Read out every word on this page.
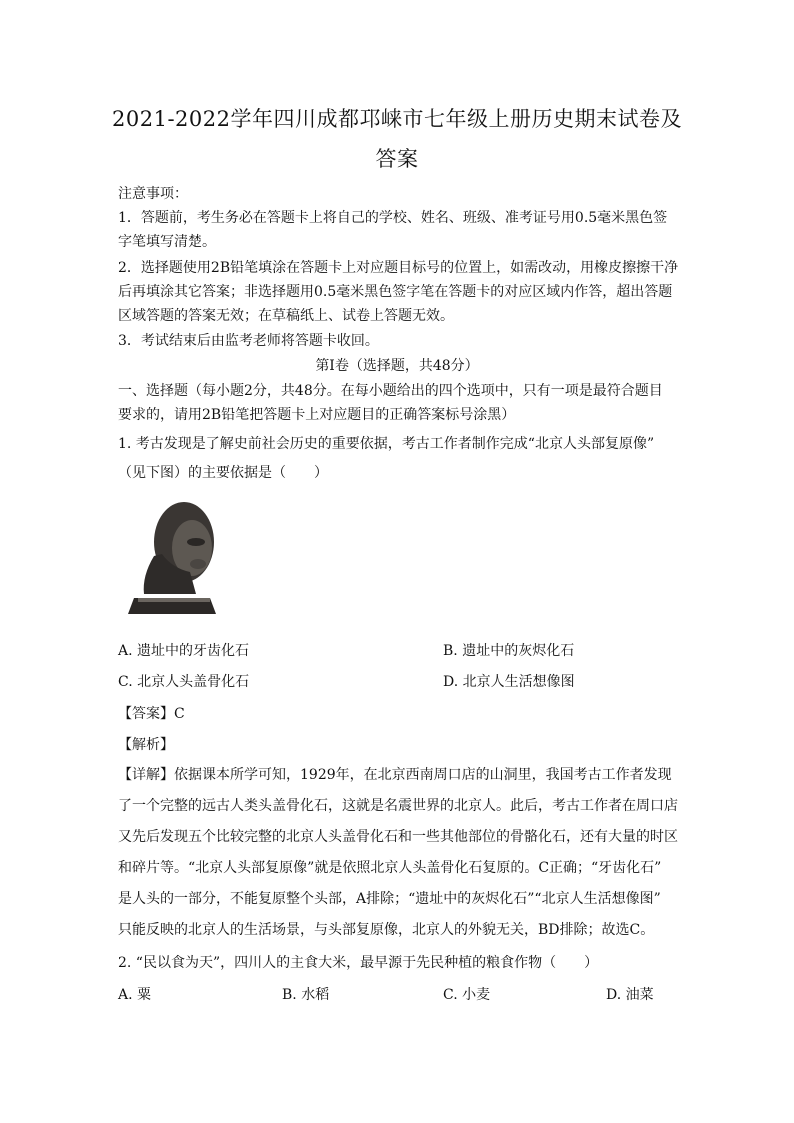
2021-2022学年四川成都邛崃市七年级上册历史期末试卷及
答案
注意事项：
1．答题前，考生务必在答题卡上将自己的学校、姓名、班级、准考证号用0.5毫米黑色签
字笔填写清楚。
2．选择题使用2B铅笔填涂在答题卡上对应题目标号的位置上，如需改动，用橡皮擦擦干净
后再填涂其它答案；非选择题用0.5毫米黑色签字笔在答题卡的对应区域内作答，超出答题
区域答题的答案无效；在草稿纸上、试卷上答题无效。
3．考试结束后由监考老师将答题卡收回。
第Ⅰ卷（选择题，共48分）
一、选择题（每小题2分，共48分。在每小题给出的四个选项中，只有一项是最符合题目
要求的，请用2B铅笔把答题卡上对应题目的正确答案标号涂黑）
1. 考古发现是了解史前社会历史的重要依据，考古工作者制作完成“北京人头部复原像”
（见下图）的主要依据是（　　）
A. 遗址中的牙齿化石	B. 遗址中的灰烬化石
C. 北京人头盖骨化石	D. 北京人生活想像图
【答案】C
【解析】
【详解】依据课本所学可知，1929年，在北京西南周口店的山洞里，我国考古工作者发现
了一个完整的远古人类头盖骨化石，这就是名震世界的北京人。此后，考古工作者在周口店
又先后发现五个比较完整的北京人头盖骨化石和一些其他部位的骨骼化石，还有大量的时区
和碎片等。“北京人头部复原像”就是依照北京人头盖骨化石复原的。C正确；“牙齿化石”
是人头的一部分，不能复原整个头部，A排除；“遗址中的灰烬化石”“北京人生活想像图”
只能反映的北京人的生活场景，与头部复原像，北京人的外貌无关，BD排除；故选C。
2. “民以食为天”，四川人的主食大米，最早源于先民种植的粮食作物（　　）
A. 粟	B. 水稻	C. 小麦	D. 油菜
